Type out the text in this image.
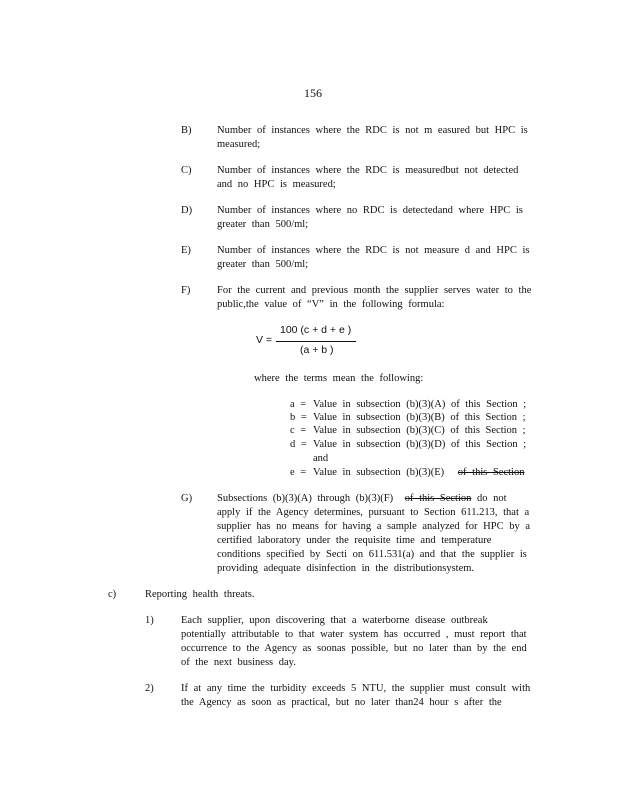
156
B) Number of instances where the RDC is not m easured but HPC is
measured;
C) Number of instances where the RDC is measuredbut not detected
and no HPC is measured;
D) Number of instances where no RDC is detectedand where HPC is
greater than 500/ml;
E) Number of instances where the RDC is not measure d and HPC is
greater than 500/ml;
F)	For the current and previous month the supplier serves water to the
public,the value of “V” in the following formula:
V =
100 (c + d + e )
(a + b )
where the terms mean the following:
a = Value in subsection (b)(3)(A) of this Section ;
b = Value in subsection (b)(3)(B) of this Section ;
c = Value in subsection (b)(3)(C) of this Section ;
d = Value in subsection (b)(3)(D) of this Section ;
and
e = Value in subsection (b)(3)(E) of this Section
G) Subsections (b)(3)(A) through (b)(3)(F) of this Section do not
apply if the Agency determines, pursuant to Section 611.213, that a
supplier has no means for having a sample analyzed for HPC by a
certified laboratory under the requisite time and temperature
conditions specified by Secti on 611.531(a) and that the supplier is
providing adequate disinfection in the distributionsystem.
c)	Reporting health threats.
1)	Each supplier, upon discovering that a waterborne disease outbreak
potentially attributable to that water system has occurred , must report that
occurrence to the Agency as soonas possible, but no later than by the end
of the next business day.
2)	If at any time the turbidity exceeds 5 NTU, the supplier must consult with
the Agency as soon as practical, but no later than24 hour s after the
